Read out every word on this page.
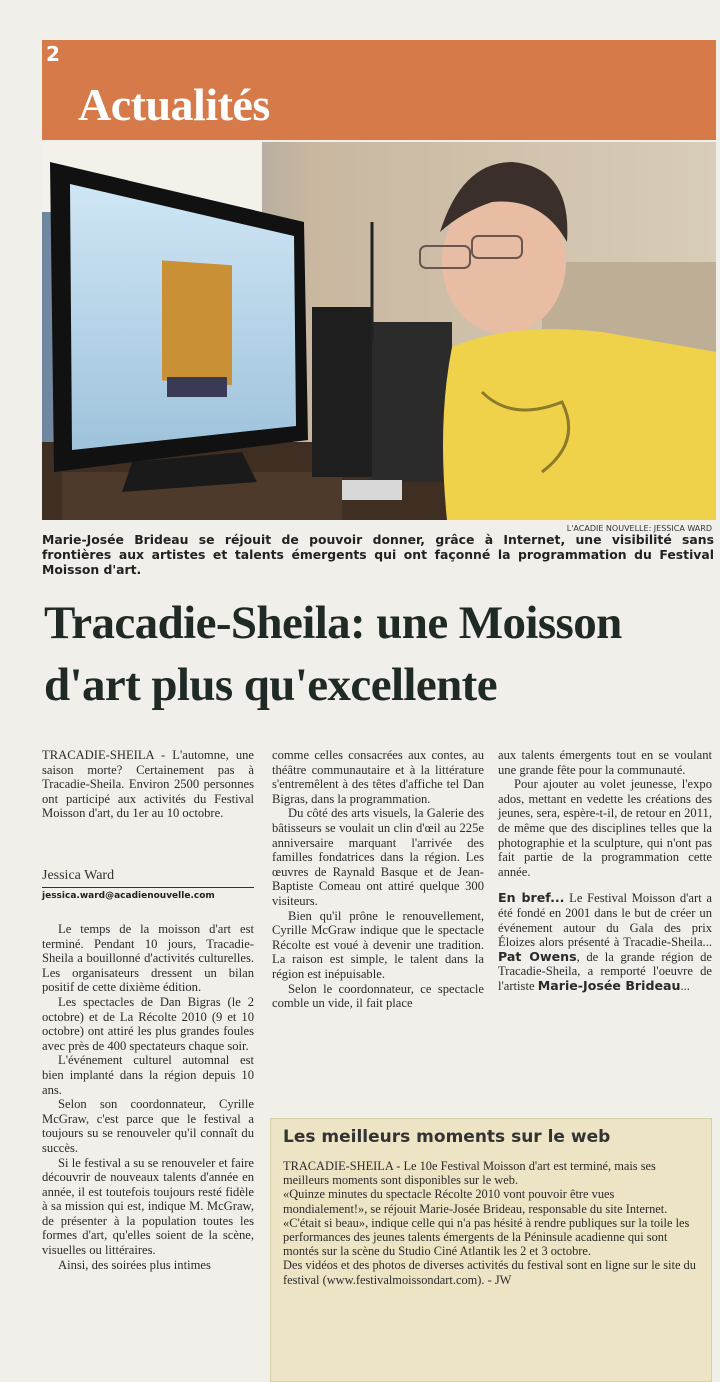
2
Actualités
L'ACADIE NOUVELLE: JESSICA WARD
Marie-Josée Brideau se réjouit de pouvoir donner, grâce à Internet, une visibilité sans frontières aux artistes et talents émergents qui ont façonné la programmation du Festival Moisson d'art.
Tracadie-Sheila: une Moisson d'art plus qu'excellente

TRACADIE-SHEILA - L'automne, une saison morte? Certainement pas à Tracadie-Sheila. Environ 2500 personnes ont participé aux activités du Festival Moisson d'art, du 1er au 10 octobre.

Jessica Ward
jessica.ward@acadienouvelle.com

Le temps de la moisson d'art est terminé. Pendant 10 jours, Tracadie-Sheila a bouillonné d'activités culturelles. Les organisateurs dressent un bilan positif de cette dixième édition.

Les spectacles de Dan Bigras (le 2 octobre) et de La Récolte 2010 (9 et 10 octobre) ont attiré les plus grandes foules avec près de 400 spectateurs chaque soir.

L'événement culturel automnal est bien implanté dans la région depuis 10 ans.

Selon son coordonnateur, Cyrille McGraw, c'est parce que le festival a toujours su se renouveler qu'il connaît du succès.

Si le festival a su se renouveler et faire découvrir de nouveaux talents d'année en année, il est toutefois toujours resté fidèle à sa mission qui est, indique M. McGraw, de présenter à la population toutes les formes d'art, qu'elles soient de la scène, visuelles ou littéraires.

Ainsi, des soirées plus intimes

comme celles consacrées aux contes, au théâtre communautaire et à la littérature s'entremêlent à des têtes d'affiche tel Dan Bigras, dans la programmation.

Du côté des arts visuels, la Galerie des bâtisseurs se voulait un clin d'œil au 225e anniversaire marquant l'arrivée des familles fondatrices dans la région. Les œuvres de Raynald Basque et de Jean-Baptiste Comeau ont attiré quelque 300 visiteurs.

Bien qu'il prône le renouvellement, Cyrille McGraw indique que le spectacle Récolte est voué à devenir une tradition. La raison est simple, le talent dans la région est inépuisable.

Selon le coordonnateur, ce spectacle comble un vide, il fait place

aux talents émergents tout en se voulant une grande fête pour la communauté.

Pour ajouter au volet jeunesse, l'expo ados, mettant en vedette les créations des jeunes, sera, espère-t-il, de retour en 2011, de même que des disciplines telles que la photographie et la sculpture, qui n'ont pas fait partie de la programmation cette année.

En bref... Le Festival Moisson d'art a été fondé en 2001 dans le but de créer un événement autour du Gala des prix Éloizes alors présenté à Tracadie-Sheila... Pat Owens, de la grande région de Tracadie-Sheila, a remporté l'oeuvre de l'artiste Marie-Josée Brideau...

Les meilleurs moments sur le web

TRACADIE-SHEILA - Le 10e Festival Moisson d'art est terminé, mais ses meilleurs moments sont disponibles sur le web.

«Quinze minutes du spectacle Récolte 2010 vont pouvoir être vues mondialement!», se réjouit Marie-Josée Brideau, responsable du site Internet.

«C'était si beau», indique celle qui n'a pas hésité à rendre publiques sur la toile les performances des jeunes talents émergents de la Péninsule acadienne qui sont montés sur la scène du Studio Ciné Atlantik les 2 et 3 octobre.

Des vidéos et des photos de diverses activités du festival sont en ligne sur le site du festival (www.festivalmoissondart.com). - JW
